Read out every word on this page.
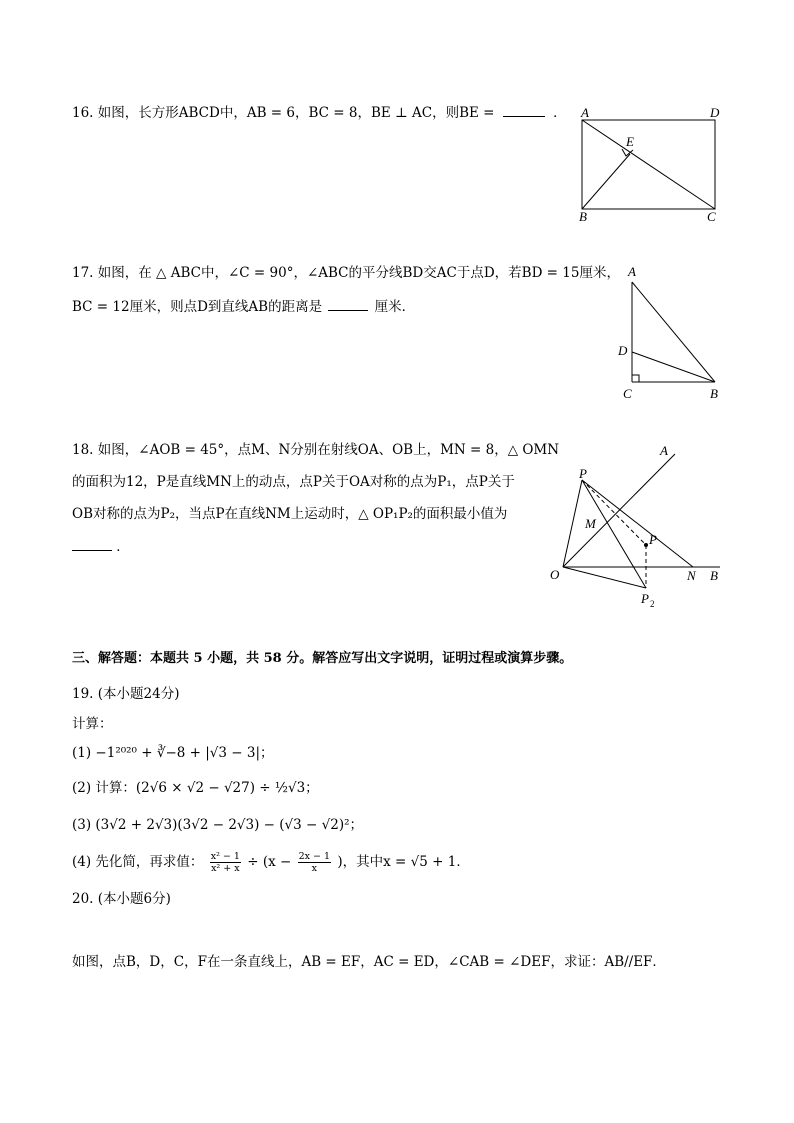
16. 如图，长方形ABCD中，AB = 6，BC = 8，BE ⊥ AC，则BE =	． A	D
E
B	C
17. 如图，在 △ ABC中，∠C = 90°，∠ABC的平分线BD交AC于点D，若BD = 15厘米，
BC = 12厘米，则点D到直线AB的距离是	厘米．
A
D
C	B
18. 如图，∠AOB = 45°，点M、N分别在射线OA、OB上，MN = 8，△ OMN
的面积为12，P是直线MN上的动点，点P关于OA对称的点为P₁，点P关于
OB对称的点为P₂，当点P在直线NM上运动时，△ OP₁P₂的面积最小值为
．
A
B
O
M
N
P
P
P 2
三、解答题：本题共 5 小题，共 58 分。解答应写出文字说明，证明过程或演算步骤。
19. (本小题24分)
计算：
(1) −1²⁰²⁰ + ∛−8 + |√3 − 3|；
(2) 计算：(2√6 × √2 − √27) ÷ ½√3；
(3) (3√2 + 2√3)(3√2 − 2√3) − (√3 − √2)²；
(4) 先化简，再求值： $\frac{\text{x² − 1}}{\text{x² + x}} \div (x - \frac{2x - 1}{x}$ )，其中x = √5 + 1．
20. (本小题6分)
如图，点B，D，C，F在一条直线上，AB = EF，AC = ED，∠CAB = ∠DEF，求证：AB//EF．
